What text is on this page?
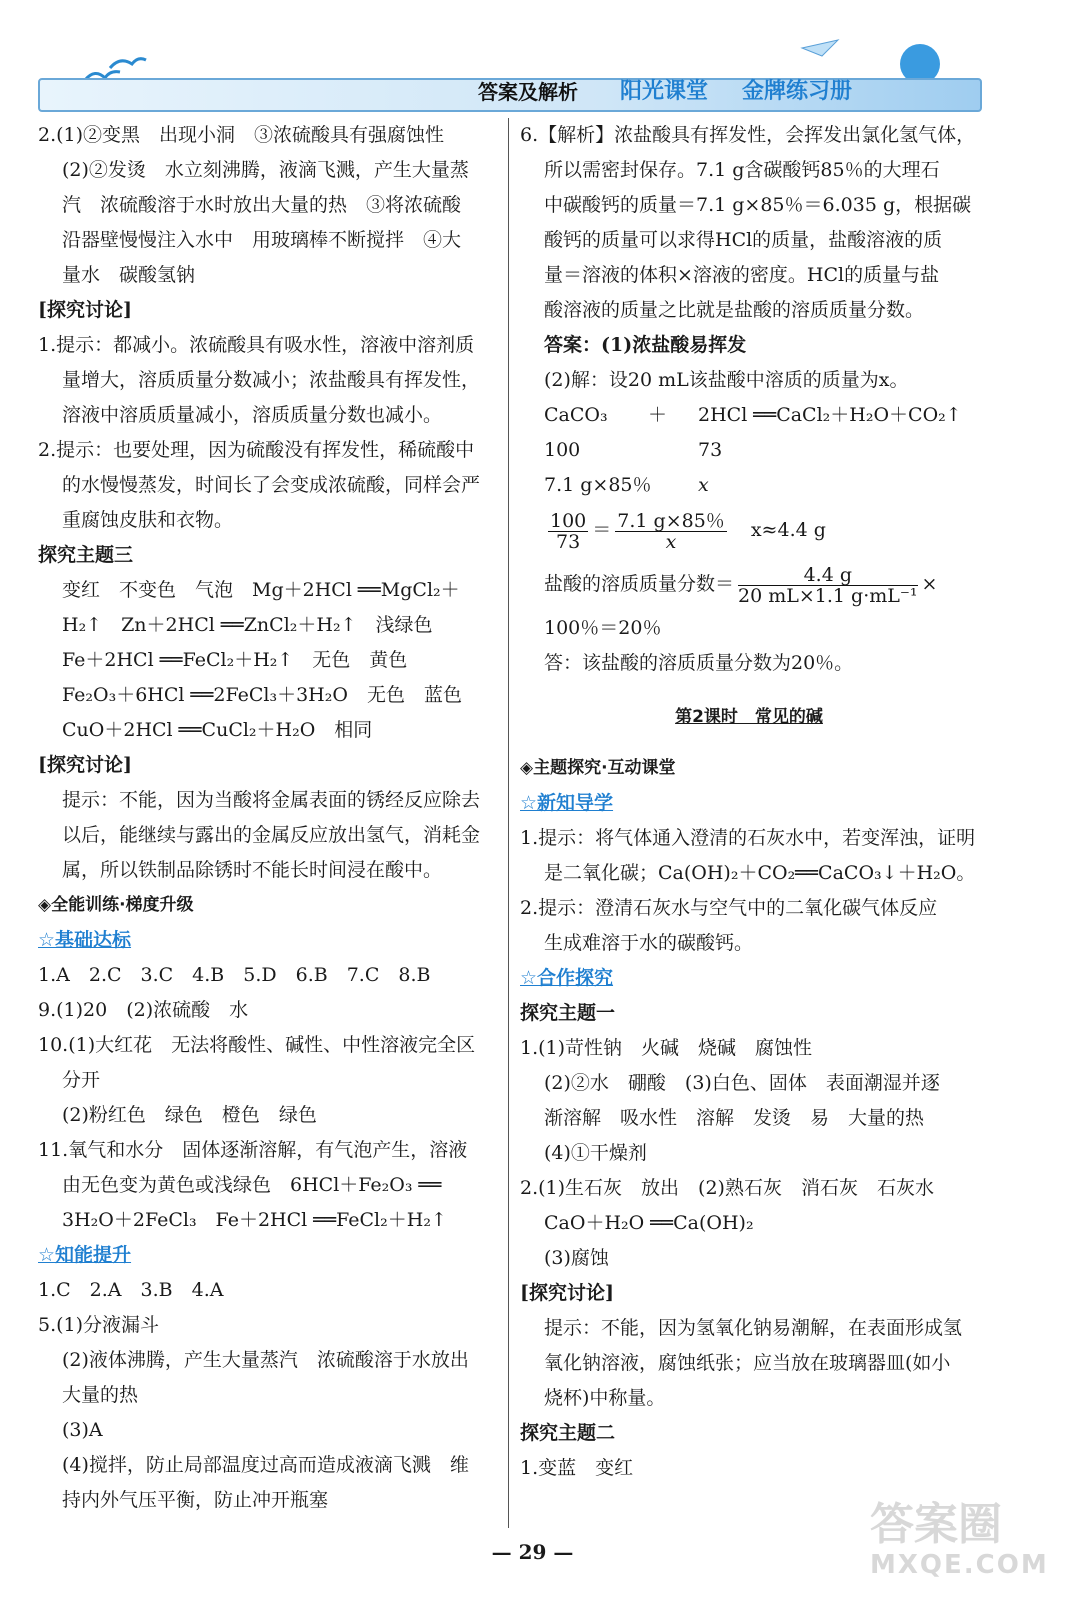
答案及解析 阳光课堂 金牌练习册
2.(1)②变黑　出现小洞　③浓硫酸具有强腐蚀性
(2)②发烫　水立刻沸腾，液滴飞溅，产生大量蒸
汽　浓硫酸溶于水时放出大量的热　③将浓硫酸
沿器壁慢慢注入水中　用玻璃棒不断搅拌　④大
量水　碳酸氢钠
[探究讨论]
1.提示：都减小。浓硫酸具有吸水性，溶液中溶剂质
量增大，溶质质量分数减小；浓盐酸具有挥发性，
溶液中溶质质量减小，溶质质量分数也减小。
2.提示：也要处理，因为硫酸没有挥发性，稀硫酸中
的水慢慢蒸发，时间长了会变成浓硫酸，同样会严
重腐蚀皮肤和衣物。
探究主题三
变红　不变色　气泡　Mg＋2HCl ══MgCl₂＋
H₂↑　Zn＋2HCl ══ZnCl₂＋H₂↑　浅绿色
Fe＋2HCl ══FeCl₂＋H₂↑　无色　黄色
Fe₂O₃＋6HCl ══2FeCl₃＋3H₂O　无色　蓝色
CuO＋2HCl ══CuCl₂＋H₂O　相同
[探究讨论]
提示：不能，因为当酸将金属表面的锈经反应除去
以后，能继续与露出的金属反应放出氢气，消耗金
属，所以铁制品除锈时不能长时间浸在酸中。
◈全能训练·梯度升级
☆基础达标
1.A　2.C　3.C　4.B　5.D　6.B　7.C　8.B
9.(1)20　(2)浓硫酸　水
10.(1)大红花　无法将酸性、碱性、中性溶液完全区
分开
(2)粉红色　绿色　橙色　绿色
11.氧气和水分　固体逐渐溶解，有气泡产生，溶液
由无色变为黄色或浅绿色　6HCl＋Fe₂O₃ ══
3H₂O＋2FeCl₃　Fe＋2HCl ══FeCl₂＋H₂↑
☆知能提升
1.C　2.A　3.B　4.A
5.(1)分液漏斗
(2)液体沸腾，产生大量蒸汽　浓硫酸溶于水放出
大量的热
(3)A
(4)搅拌，防止局部温度过高而造成液滴飞溅　维
持内外气压平衡，防止冲开瓶塞
6.【解析】浓盐酸具有挥发性，会挥发出氯化氢气体，
所以需密封保存。7.1 g含碳酸钙85％的大理石
中碳酸钙的质量＝7.1 g×85％＝6.035 g，根据碳
酸钙的质量可以求得HCl的质量，盐酸溶液的质
量＝溶液的体积×溶液的密度。HCl的质量与盐
酸溶液的质量之比就是盐酸的溶质质量分数。
答案：(1)浓盐酸易挥发
(2)解：设20 mL该盐酸中溶质的质量为x。
CaCO₃ ＋ 2HCl ══CaCl₂＋H₂O＋CO₂↑
100	73
7.1 g×85％ x
$\frac{100}{73} = \frac{7.1 g\times 85\%}{x} x\approx 4.4$ g
盐酸的溶质质量分数＝ $\frac{4.4 g}{\text{20 mL×1.1 g·mL⁻¹}}$ ×
100％＝20％
答：该盐酸的溶质质量分数为20％。
第2课时　常见的碱
◈主题探究·互动课堂
☆新知导学
1.提示：将气体通入澄清的石灰水中，若变浑浊，证明
是二氧化碳；Ca(OH)₂＋CO₂══CaCO₃↓＋H₂O。
2.提示：澄清石灰水与空气中的二氧化碳气体反应
生成难溶于水的碳酸钙。
☆合作探究
探究主题一
1.(1)苛性钠　火碱　烧碱　腐蚀性
(2)②水　硼酸　(3)白色、固体　表面潮湿并逐
渐溶解　吸水性　溶解　发烫　易　大量的热
(4)①干燥剂
2.(1)生石灰　放出　(2)熟石灰　消石灰　石灰水
CaO＋H₂O ══Ca(OH)₂
(3)腐蚀
[探究讨论]
提示：不能，因为氢氧化钠易潮解，在表面形成氢
氧化钠溶液，腐蚀纸张；应当放在玻璃器皿(如小
烧杯)中称量。
探究主题二
1.变蓝　变红
— 29 —
答案圈
MXQE.COM
